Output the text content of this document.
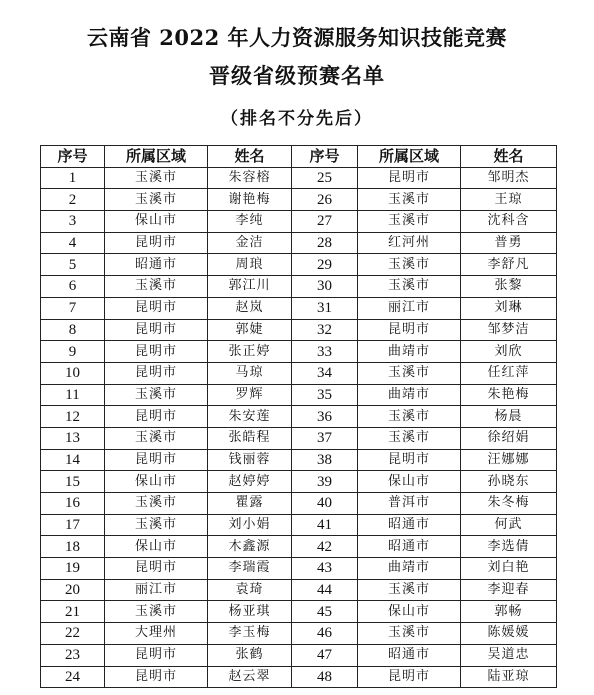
云南省 2022 年人力资源服务知识技能竞赛
晋级省级预赛名单
（排名不分先后）
序号	所属区域	姓名	序号	所属区域	姓名
1	玉溪市	朱容榕	25	昆明市	邹明杰
2	玉溪市	谢艳梅	26	玉溪市	王琼
3	保山市	李纯	27	玉溪市	沈科含
4	昆明市	金洁	28	红河州	普勇
5	昭通市	周琅	29	玉溪市	李舒凡
6	玉溪市	郭江川	30	玉溪市	张黎
7	昆明市	赵岚	31	丽江市	刘琳
8	昆明市	郭婕	32	昆明市	邹梦洁
9	昆明市	张正婷	33	曲靖市	刘欣
10	昆明市	马琼	34	玉溪市	任红萍
11	玉溪市	罗辉	35	曲靖市	朱艳梅
12	昆明市	朱安莲	36	玉溪市	杨晨
13	玉溪市	张皓程	37	玉溪市	徐绍娟
14	昆明市	钱丽蓉	38	昆明市	汪娜娜
15	保山市	赵婷婷	39	保山市	孙晓东
16	玉溪市	瞿露	40	普洱市	朱冬梅
17	玉溪市	刘小娟	41	昭通市	何武
18	保山市	木鑫源	42	昭通市	李选倩
19	昆明市	李瑞霞	43	曲靖市	刘白艳
20	丽江市	袁琦	44	玉溪市	李迎春
21	玉溪市	杨亚琪	45	保山市	郭畅
22	大理州	李玉梅	46	玉溪市	陈媛媛
23	昆明市	张鹤	47	昭通市	吴道忠
24	昆明市	赵云翠	48	昆明市	陆亚琼
